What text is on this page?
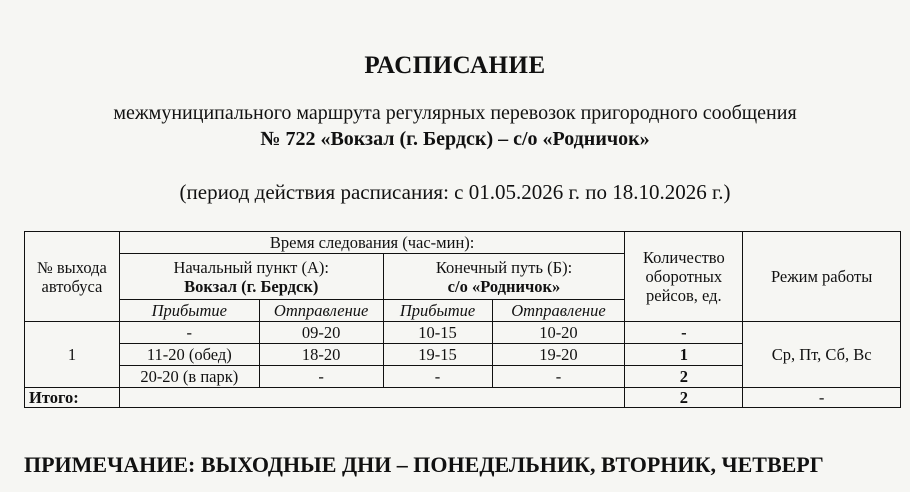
РАСПИСАНИЕ
межмуниципального маршрута регулярных перевозок пригородного сообщения
№ 722 «Вокзал (г. Бердск) – с/о «Родничок»
(период действия расписания: с 01.05.2026 г. по 18.10.2026 г.)
№ выхода автобуса	Время следования (час-мин):				Количество оборотных рейсов, ед.	Режим работы
	Начальный пункт (А):
Вокзал (г. Бердск)		Конечный путь (Б):
с/о «Родничок»			
	Прибытие	Отправление	Прибытие	Отправление		
1	-	09-20	10-15	10-20	-	Ср, Пт, Сб, Вс
	11-20 (обед)	18-20	19-15	19-20	1	
	20-20 (в парк)	-	-	-	2	
Итого:					2	-
ПРИМЕЧАНИЕ: ВЫХОДНЫЕ ДНИ – ПОНЕДЕЛЬНИК, ВТОРНИК, ЧЕТВЕРГ
